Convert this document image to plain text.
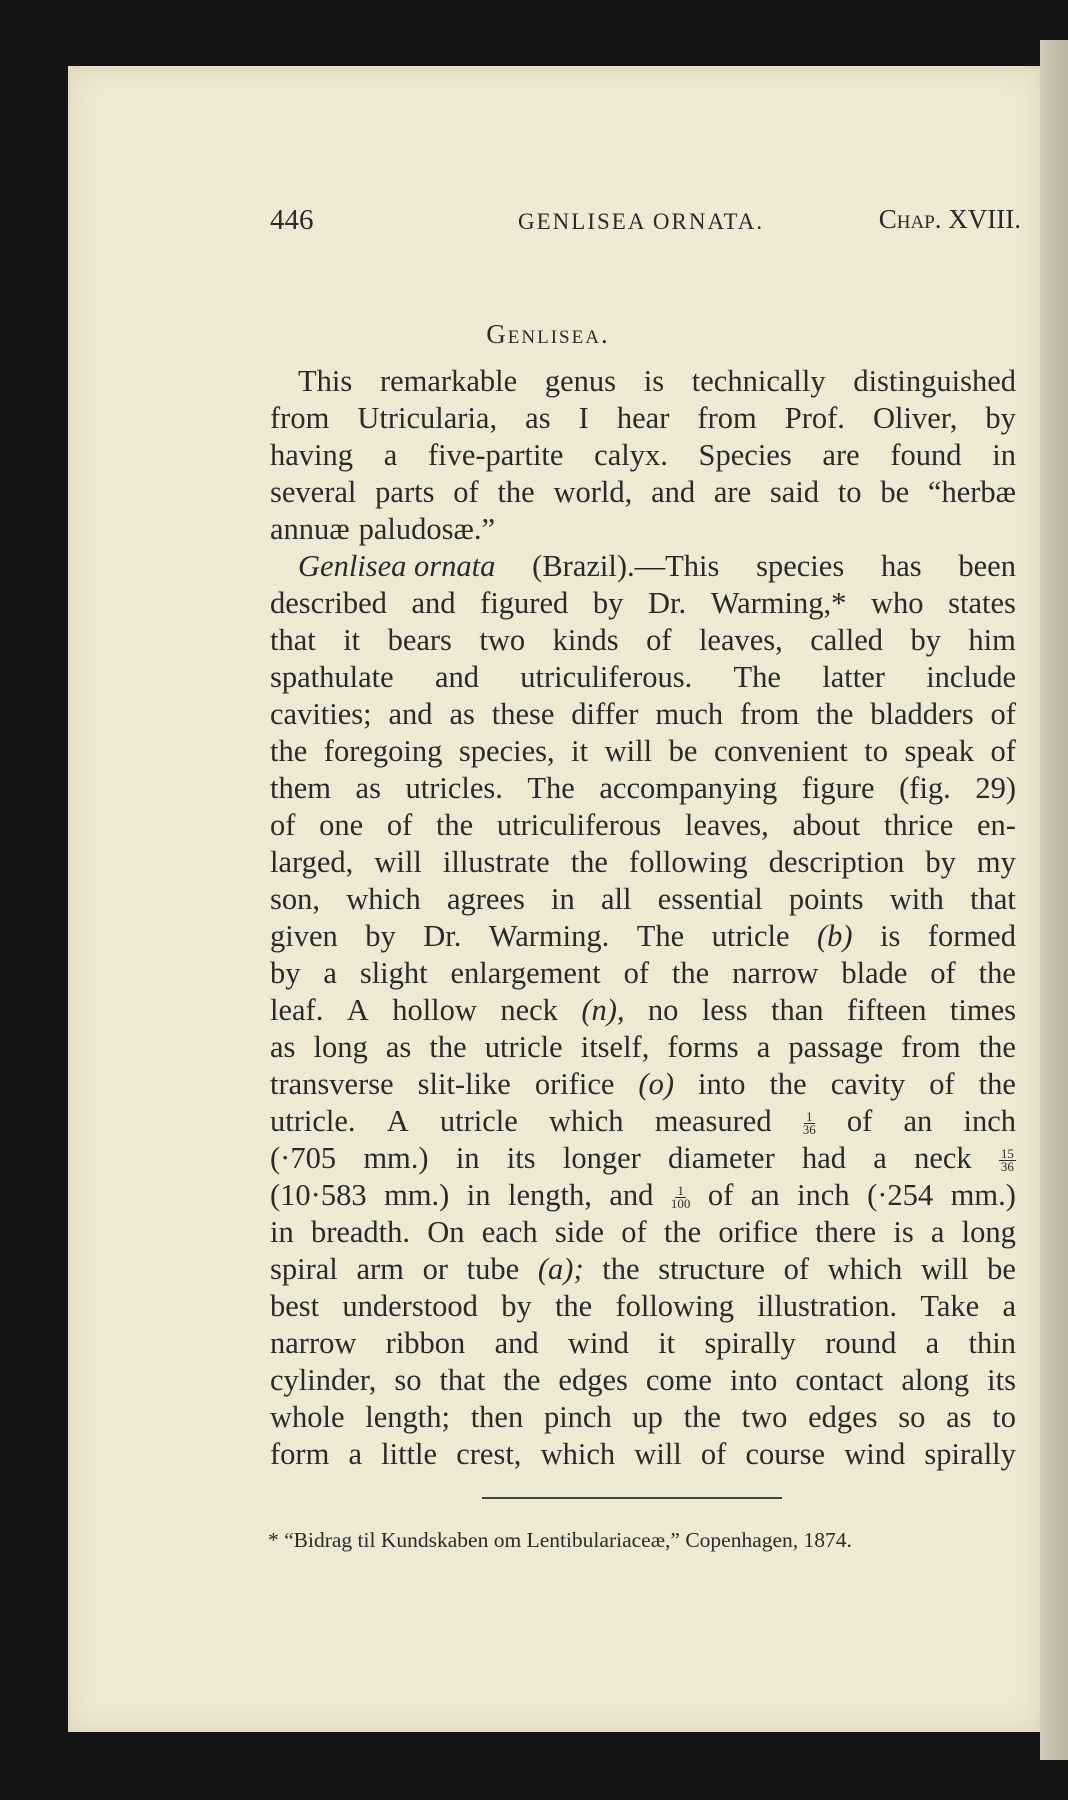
446	GENLISEA ORNATA.	Chap. XVIII.
Genlisea.
This remarkable genus is technically distinguished
from Utricularia, as I hear from Prof. Oliver, by
having a five-partite calyx. Species are found in
several parts of the world, and are said to be “herbæ
annuæ paludosæ.”
Genlisea ornata (Brazil).—This species has been
described and figured by Dr. Warming,* who states
that it bears two kinds of leaves, called by him
spathulate and utriculiferous. The latter include
cavities; and as these differ much from the bladders of
the foregoing species, it will be convenient to speak of
them as utricles. The accompanying figure (fig. 29)
of one of the utriculiferous leaves, about thrice en-
larged, will illustrate the following description by my
son, which agrees in all essential points with that
given by Dr. Warming. The utricle (b) is formed
by a slight enlargement of the narrow blade of the
leaf. A hollow neck (n), no less than fifteen times
as long as the utricle itself, forms a passage from the
transverse slit-like orifice (o) into the cavity of the
utricle. A utricle which measured $\frac{1}{36}$ of an inch
(·705 mm.) in its longer diameter had a neck $\frac{15}{36}$
(10·583 mm.) in length, and $\frac{1}{100}$ of an inch (·254 mm.)
in breadth. On each side of the orifice there is a long
spiral arm or tube (a); the structure of which will be
best understood by the following illustration. Take a
narrow ribbon and wind it spirally round a thin
cylinder, so that the edges come into contact along its
whole length; then pinch up the two edges so as to
form a little crest, which will of course wind spirally
* “Bidrag til Kundskaben om Lentibulariaceæ,” Copenhagen, 1874.
